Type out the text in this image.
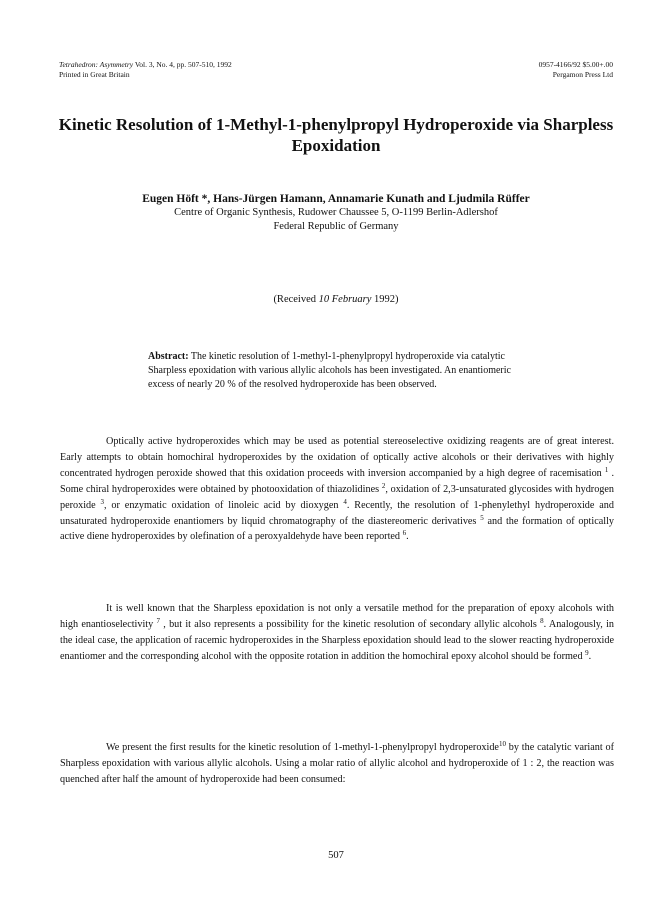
Tetrahedron: Asymmetry Vol. 3, No. 4, pp. 507-510, 1992
Printed in Great Britain
0957-4166/92 $5.00+.00
Pergamon Press Ltd
Kinetic Resolution of 1-Methyl-1-phenylpropyl Hydroperoxide via Sharpless Epoxidation
Eugen Höft *, Hans-Jürgen Hamann, Annamarie Kunath and Ljudmila Rüffer
Centre of Organic Synthesis, Rudower Chaussee 5, O-1199 Berlin-Adlershof
Federal Republic of Germany
(Received 10 February 1992)
Abstract: The kinetic resolution of 1-methyl-1-phenylpropyl hydroperoxide via catalytic Sharpless epoxidation with various allylic alcohols has been investigated. An enantiomeric excess of nearly 20 % of the resolved hydroperoxide has been observed.

Optically active hydroperoxides which may be used as potential stereoselective oxidizing reagents are of great interest. Early attempts to obtain homochiral hydroperoxides by the oxidation of optically active alcohols or their derivatives with highly concentrated hydrogen peroxide showed that this oxidation proceeds with inversion accompanied by a high degree of racemisation $^1$ . Some chiral hydroperoxides were obtained by photooxidation of thiazolidines $^2$, oxidation of 2,3-unsaturated glycosides with hydrogen peroxide $^3$, or enzymatic oxidation of linoleic acid by dioxygen $^4$. Recently, the resolution of 1-phenylethyl hydroperoxide and unsaturated hydroperoxide enantiomers by liquid chromatography of the diastereomeric derivatives $^5$ and the formation of optically active diene hydroperoxides by olefination of a peroxyaldehyde have been reported $^6$.

It is well known that the Sharpless epoxidation is not only a versatile method for the preparation of epoxy alcohols with high enantioselectivity $^7$ , but it also represents a possibility for the kinetic resolution of secondary allylic alcohols $^8$. Analogously, in the ideal case, the application of racemic hydroperoxides in the Sharpless epoxidation should lead to the slower reacting hydroperoxide enantiomer and the corresponding alcohol with the opposite rotation in addition the homochiral epoxy alcohol should be formed $^9$.

We present the first results for the kinetic resolution of 1-methyl-1-phenylpropyl hydroperoxide$^{10}$ by the catalytic variant of Sharpless epoxidation with various allylic alcohols. Using a molar ratio of allylic alcohol and hydroperoxide of 1 : 2, the reaction was quenched after half the amount of hydroperoxide had been consumed:

507
